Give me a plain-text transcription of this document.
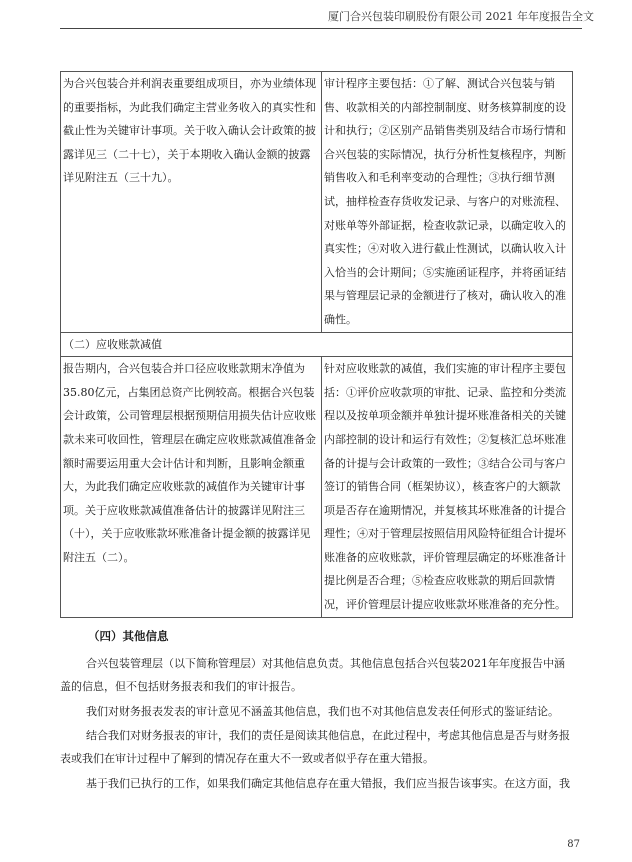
厦门合兴包装印刷股份有限公司 2021 年年度报告全文
为合兴包装合并利润表重要组成项目，亦为业绩体现的重要指标，为此我们确定主营业务收入的真实性和截止性为关键审计事项。关于收入确认会计政策的披露详见三（二十七），关于本期收入确认金额的披露详见附注五（三十九）。	审计程序主要包括：①了解、测试合兴包装与销售、收款相关的内部控制制度、财务核算制度的设计和执行；②区别产品销售类别及结合市场行情和合兴包装的实际情况，执行分析性复核程序，判断销售收入和毛利率变动的合理性；③执行细节测试，抽样检查存货收发记录、与客户的对账流程、对账单等外部证据，检查收款记录，以确定收入的真实性；④对收入进行截止性测试，以确认收入计入恰当的会计期间；⑤实施函证程序，并将函证结果与管理层记录的金额进行了核对，确认收入的准确性。
（二）应收账款减值	
报告期内，合兴包装合并口径应收账款期末净值为35.80亿元，占集团总资产比例较高。根据合兴包装会计政策，公司管理层根据预期信用损失估计应收账款未来可收回性，管理层在确定应收账款减值准备金额时需要运用重大会计估计和判断，且影响金额重大，为此我们确定应收账款的减值作为关键审计事项。关于应收账款减值准备估计的披露详见附注三（十），关于应收账款坏账准备计提金额的披露详见附注五（二）。	针对应收账款的减值，我们实施的审计程序主要包括：①评价应收款项的审批、记录、监控和分类流程以及按单项金额并单独计提坏账准备相关的关键内部控制的设计和运行有效性；②复核汇总坏账准备的计提与会计政策的一致性；③结合公司与客户签订的销售合同（框架协议），核查客户的大额款项是否存在逾期情况，并复核其坏账准备的计提合理性；④对于管理层按照信用风险特征组合计提坏账准备的应收账款，评价管理层确定的坏账准备计提比例是否合理；⑤检查应收账款的期后回款情况，评价管理层计提应收账款坏账准备的充分性。
（四）其他信息

合兴包装管理层（以下简称管理层）对其他信息负责。其他信息包括合兴包装2021年年度报告中涵盖的信息，但不包括财务报表和我们的审计报告。

我们对财务报表发表的审计意见不涵盖其他信息，我们也不对其他信息发表任何形式的鉴证结论。

结合我们对财务报表的审计，我们的责任是阅读其他信息，在此过程中，考虑其他信息是否与财务报表或我们在审计过程中了解到的情况存在重大不一致或者似乎存在重大错报。

基于我们已执行的工作，如果我们确定其他信息存在重大错报，我们应当报告该事实。在这方面，我

87
